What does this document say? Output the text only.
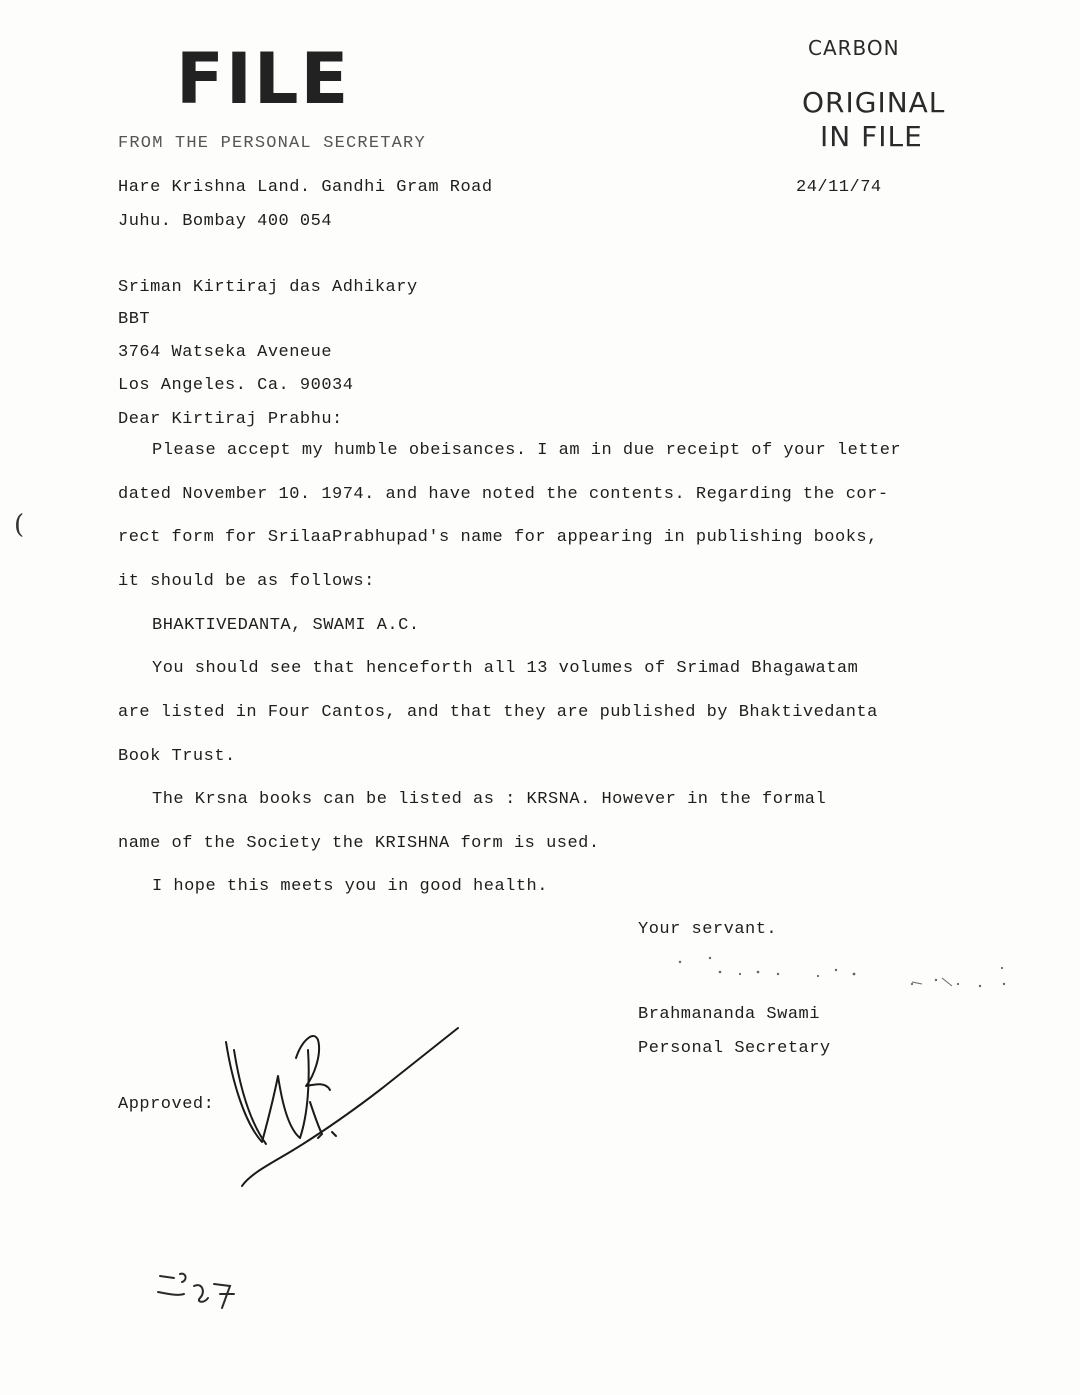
FILE	CARBON
ORIGINAL
IN FILE
FROM THE PERSONAL SECRETARY
Hare Krishna Land. Gandhi Gram Road
Juhu. Bombay 400 054
24/11/74
Sriman Kirtiraj das Adhikary
BBT
3764 Watseka Aveneue
Los Angeles. Ca. 90034
Dear Kirtiraj Prabhu:
Please accept my humble obeisances. I am in due receipt of your letter
dated November 10. 1974. and have noted the contents. Regarding the cor-
rect form for SrilaaPrabhupad's name for appearing in publishing books,
it should be as follows:
BHAKTIVEDANTA, SWAMI A.C.
You should see that henceforth all 13 volumes of Srimad Bhagawatam
are listed in Four Cantos, and that they are published by Bhaktivedanta
Book Trust.
The Krsna books can be listed as : KRSNA. However in the formal
name of the Society the KRISHNA form is used.
I hope this meets you in good health.
Your servant.
Brahmananda Swami
Personal Secretary
Approved:
(
